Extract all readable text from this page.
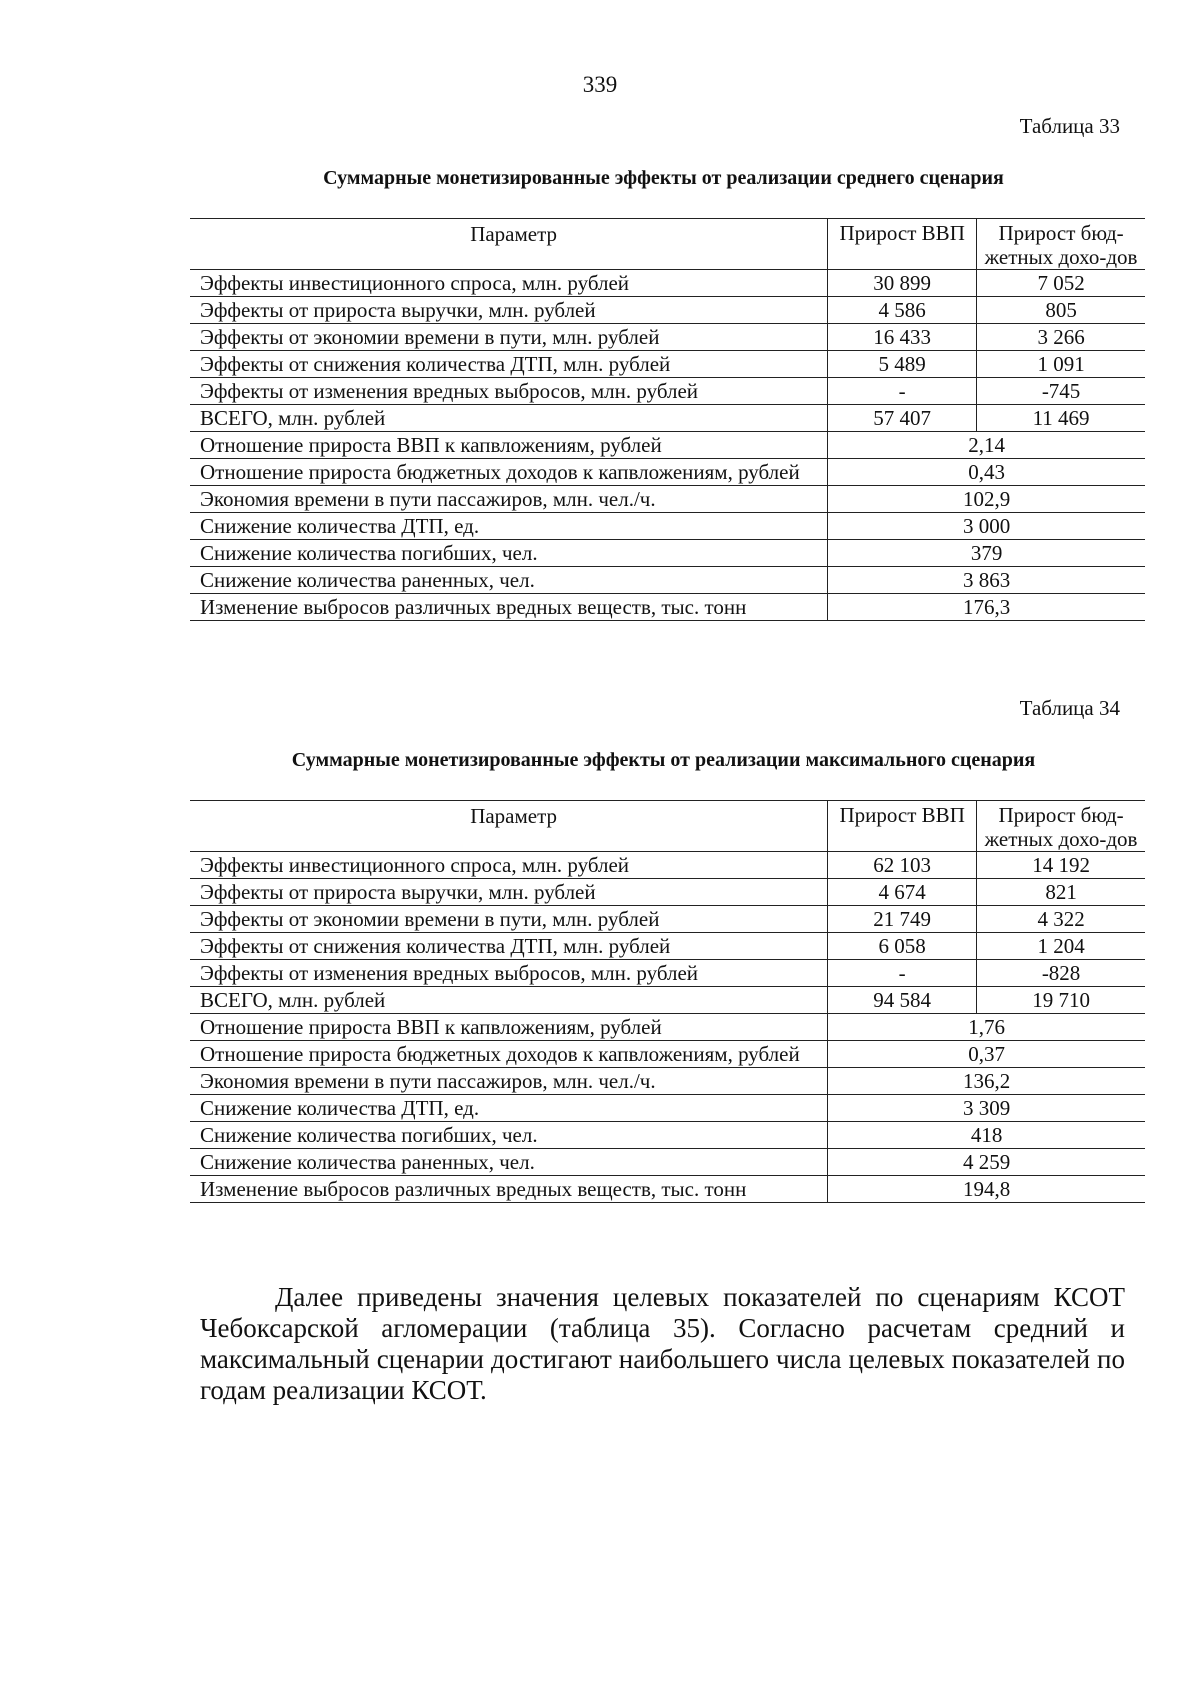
339
Таблица 33
Суммарные монетизированные эффекты от реализации среднего сценария
Параметр	Прирост ВВП	Прирост бюд-жетных дохо-дов
Эффекты инвестиционного спроса, млн. рублей	30 899	7 052
Эффекты от прироста выручки, млн. рублей	4 586	805
Эффекты от экономии времени в пути, млн. рублей	16 433	3 266
Эффекты от снижения количества ДТП, млн. рублей	5 489	1 091
Эффекты от изменения вредных выбросов, млн. рублей	-	-745
ВСЕГО, млн. рублей	57 407	11 469
Отношение прироста ВВП к капвложениям, рублей	2,14	
Отношение прироста бюджетных доходов к капвложениям, рублей	0,43	
Экономия времени в пути пассажиров, млн. чел./ч.	102,9	
Снижение количества ДТП, ед.	3 000	
Снижение количества погибших, чел.	379	
Снижение количества раненных, чел.	3 863	
Изменение выбросов различных вредных веществ, тыс. тонн	176,3	
Таблица 34
Суммарные монетизированные эффекты от реализации максимального сценария
Параметр	Прирост ВВП	Прирост бюд-жетных дохо-дов
Эффекты инвестиционного спроса, млн. рублей	62 103	14 192
Эффекты от прироста выручки, млн. рублей	4 674	821
Эффекты от экономии времени в пути, млн. рублей	21 749	4 322
Эффекты от снижения количества ДТП, млн. рублей	6 058	1 204
Эффекты от изменения вредных выбросов, млн. рублей	-	-828
ВСЕГО, млн. рублей	94 584	19 710
Отношение прироста ВВП к капвложениям, рублей	1,76	
Отношение прироста бюджетных доходов к капвложениям, рублей	0,37	
Экономия времени в пути пассажиров, млн. чел./ч.	136,2	
Снижение количества ДТП, ед.	3 309	
Снижение количества погибших, чел.	418	
Снижение количества раненных, чел.	4 259	
Изменение выбросов различных вредных веществ, тыс. тонн	194,8	

Далее приведены значения целевых показателей по сценариям КСОТ Чебоксарской агломерации (таблица 35). Согласно расчетам средний и максимальный сценарии достигают наибольшего числа целевых показателей по годам реализации КСОТ.
